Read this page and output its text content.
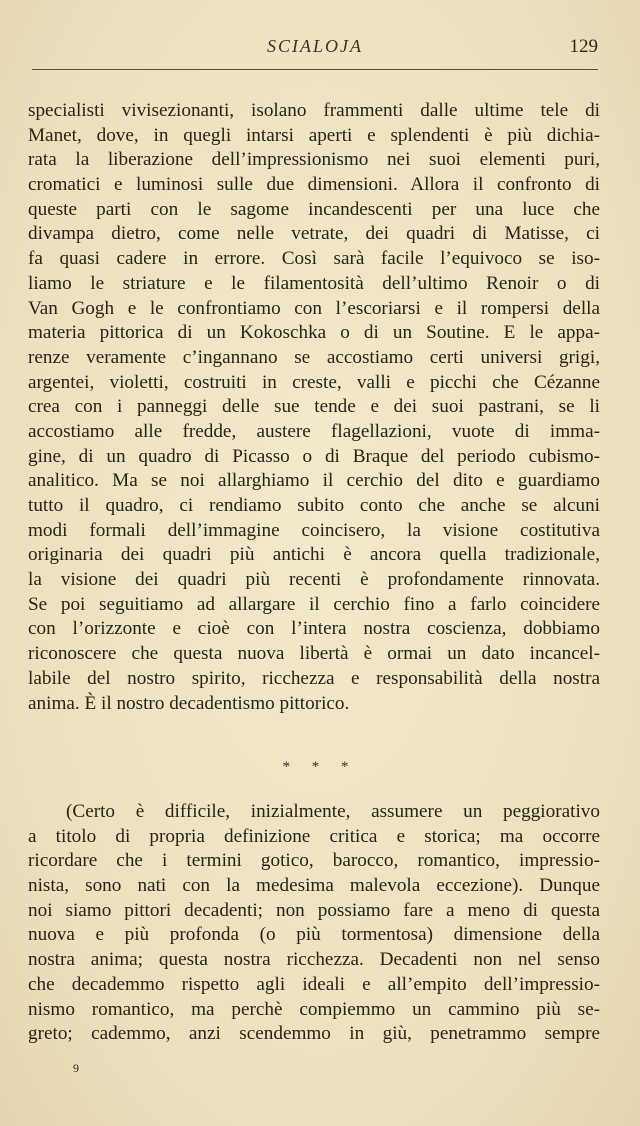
SCIALOJA	129
specialisti vivisezionanti, isolano frammenti dalle ultime tele di
Manet, dove, in quegli intarsi aperti e splendenti è più dichia-
rata la liberazione dell’impressionismo nei suoi elementi puri,
cromatici e luminosi sulle due dimensioni. Allora il confronto di
queste parti con le sagome incandescenti per una luce che
divampa dietro, come nelle vetrate, dei quadri di Matisse, ci
fa quasi cadere in errore. Così sarà facile l’equivoco se iso-
liamo le striature e le filamentosità dell’ultimo Renoir o di
Van Gogh e le confrontiamo con l’escoriarsi e il rompersi della
materia pittorica di un Kokoschka o di un Soutine. E le appa-
renze veramente c’ingannano se accostiamo certi universi grigi,
argentei, violetti, costruiti in creste, valli e picchi che Cézanne
crea con i panneggi delle sue tende e dei suoi pastrani, se li
accostiamo alle fredde, austere flagellazioni, vuote di imma-
gine, di un quadro di Picasso o di Braque del periodo cubismo-
analitico. Ma se noi allarghiamo il cerchio del dito e guardiamo
tutto il quadro, ci rendiamo subito conto che anche se alcuni
modi formali dell’immagine coincisero, la visione costitutiva
originaria dei quadri più antichi è ancora quella tradizionale,
la visione dei quadri più recenti è profondamente rinnovata.
Se poi seguitiamo ad allargare il cerchio fino a farlo coincidere
con l’orizzonte e cioè con l’intera nostra coscienza, dobbiamo
riconoscere che questa nuova libertà è ormai un dato incancel-
labile del nostro spirito, ricchezza e responsabilità della nostra
anima. È il nostro decadentismo pittorico.
* * *
(Certo è difficile, inizialmente, assumere un peggiorativo
a titolo di propria definizione critica e storica; ma occorre
ricordare che i termini gotico, barocco, romantico, impressio-
nista, sono nati con la medesima malevola eccezione). Dunque
noi siamo pittori decadenti; non possiamo fare a meno di questa
nuova e più profonda (o più tormentosa) dimensione della
nostra anima; questa nostra ricchezza. Decadenti non nel senso
che decademmo rispetto agli ideali e all’empito dell’impressio-
nismo romantico, ma perchè compiemmo un cammino più se-
greto; cademmo, anzi scendemmo in giù, penetrammo sempre
9
